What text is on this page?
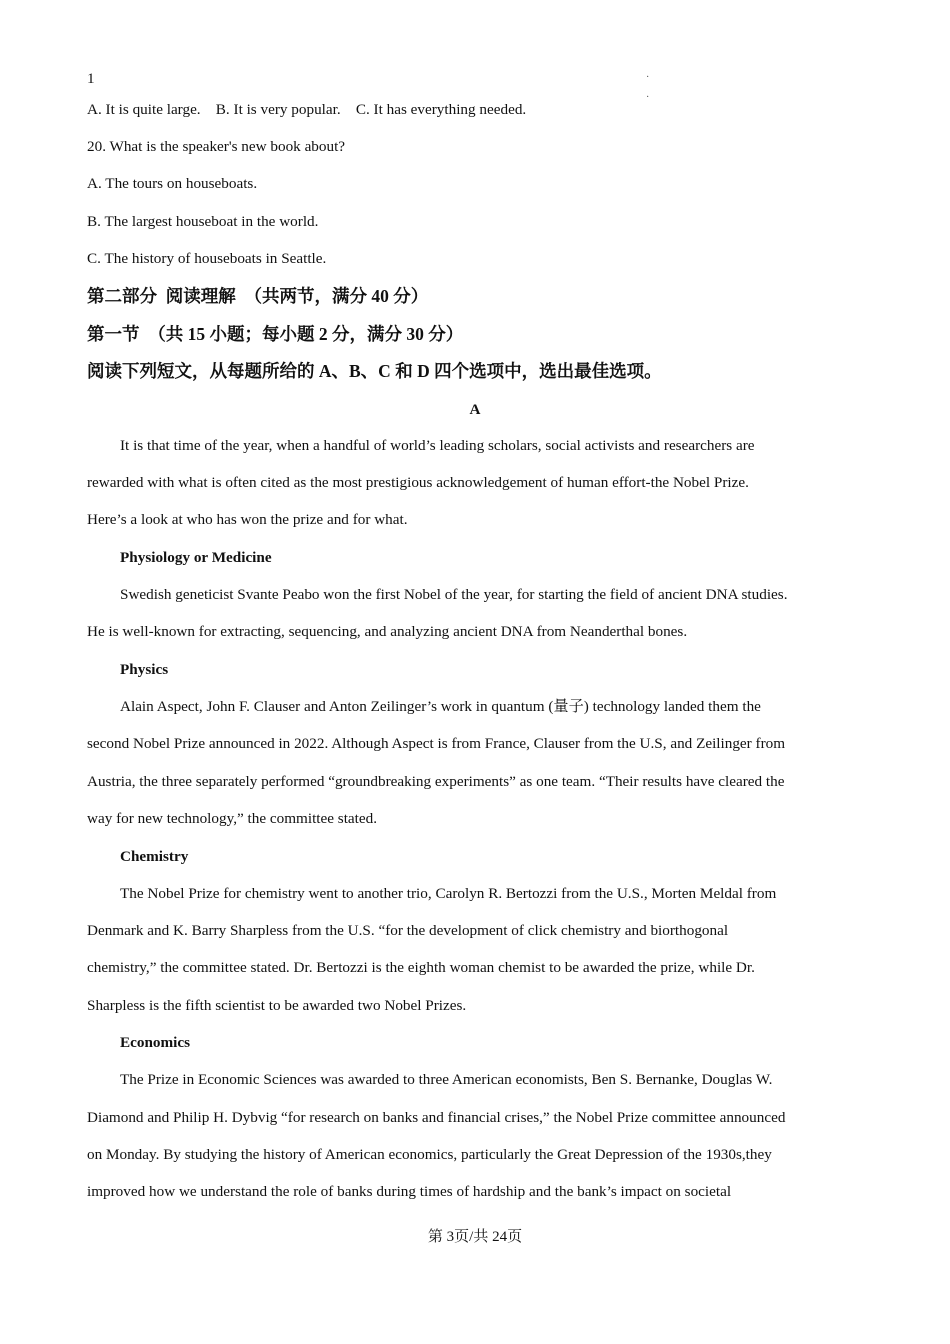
1	·
·
A. It is quite large.    B. It is very popular.    C. It has everything needed.
20. What is the speaker's new book about?
A. The tours on houseboats.
B. The largest houseboat in the world.
C. The history of houseboats in Seattle.
第二部分  阅读理解  （共两节，满分 40 分）
第一节  （共 15 小题；每小题 2 分，满分 30 分）
阅读下列短文，从每题所给的 A、B、C 和 D 四个选项中，选出最佳选项。
A
It is that time of the year, when a handful of world’s leading scholars, social activists and researchers are
rewarded with what is often cited as the most prestigious acknowledgement of human effort-the Nobel Prize.
Here’s a look at who has won the prize and for what.
Physiology or Medicine
Swedish geneticist Svante Peabo won the first Nobel of the year, for starting the field of ancient DNA studies.
He is well-known for extracting, sequencing, and analyzing ancient DNA from Neanderthal bones.
Physics
Alain Aspect, John F. Clauser and Anton Zeilinger’s work in quantum (量子) technology landed them the
second Nobel Prize announced in 2022. Although Aspect is from France, Clauser from the U.S, and Zeilinger from
Austria, the three separately performed “groundbreaking experiments” as one team. “Their results have cleared the
way for new technology,” the committee stated.
Chemistry
The Nobel Prize for chemistry went to another trio, Carolyn R. Bertozzi from the U.S., Morten Meldal from
Denmark and K. Barry Sharpless from the U.S. “for the development of click chemistry and biorthogonal
chemistry,” the committee stated. Dr. Bertozzi is the eighth woman chemist to be awarded the prize, while Dr.
Sharpless is the fifth scientist to be awarded two Nobel Prizes.
Economics
The Prize in Economic Sciences was awarded to three American economists, Ben S. Bernanke, Douglas W.
Diamond and Philip H. Dybvig “for research on banks and financial crises,” the Nobel Prize committee announced
on Monday. By studying the history of American economics, particularly the Great Depression of the 1930s,they
improved how we understand the role of banks during times of hardship and the bank’s impact on societal
第 3页/共 24页
